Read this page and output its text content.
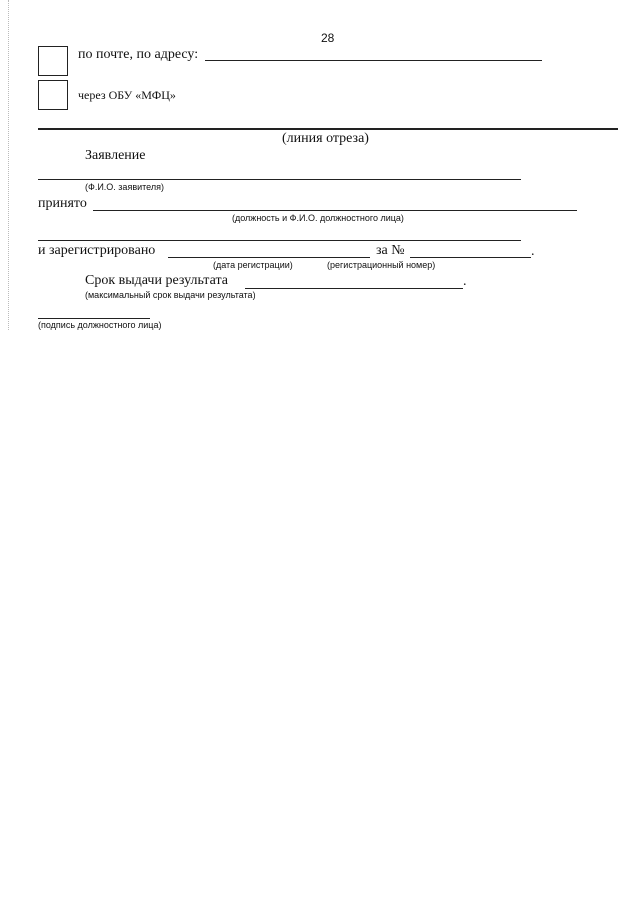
28
по почте, по адресу:
через ОБУ «МФЦ»
(линия отреза)
Заявление
(Ф.И.О. заявителя)
принято
(должность и Ф.И.О. должностного лица)
и зарегистрировано	за №	.
(дата регистрации)	(регистрационный номер)
Срок выдачи результата	.
(максимальный срок выдачи результата)
(подпись должностного лица)
